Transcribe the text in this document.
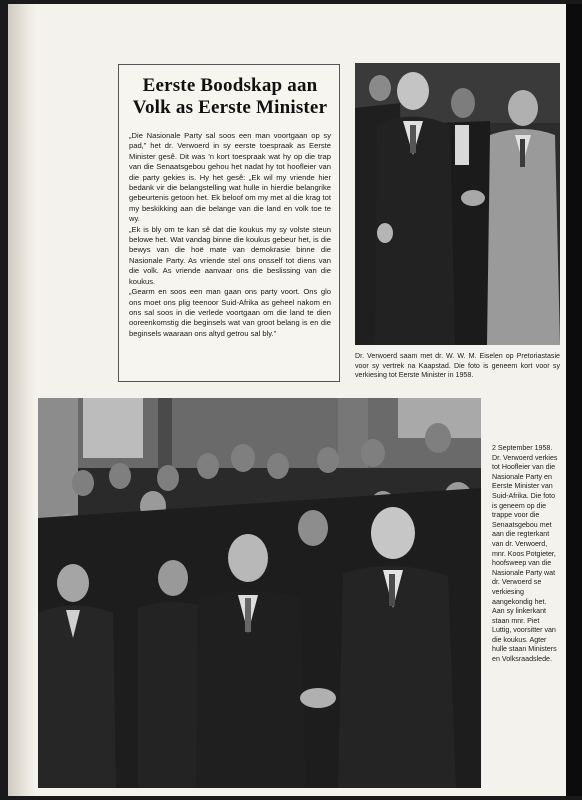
Eerste Boodskap aan
Volk as Eerste Minister

„Die Nasionale Party sal soos een man voortgaan op sy pad,” het dr. Verwoerd in sy eerste toespraak as Eerste Minister gesê. Dit was ’n kort toespraak wat hy op die trap van die Senaatsgebou gehou het nadat hy tot hoofleier van die party gekies is. Hy het gesê: „Ek wil my vriende hier bedank vir die belangstelling wat hulle in hierdie belangrike gebeurtenis getoon het. Ek beloof om my met al die krag tot my beskikking aan die belange van die land en volk toe te wy.

„Ek is bly om te kan sê dat die koukus my sy volste steun belowe het. Wat vandag binne die koukus gebeur het, is die bewys van die hoë mate van demokrasie binne die Nasionale Party. As vriende stel ons onsself tot diens van die volk. As vriende aanvaar ons die beslissing van die koukus.

„Gearm en soos een man gaan ons party voort. Ons glo ons moet ons plig teenoor Suid-Afrika as geheel nakom en ons sal soos in die verlede voortgaan om die land te dien ooreenkomstig die beginsels wat van groot belang is en die beginsels waaraan ons altyd getrou sal bly.”

Dr. Verwoerd saam met dr. W. W. M. Eiselen op Pretoriastasie voor sy vertrek na Kaapstad. Die foto is geneem kort voor sy verkiesing tot Eerste Minister in 1958.

2 September 1958. Dr. Verwoerd verkies tot Hoofleier van die Nasionale Party en Eerste Minister van Suid-Afrika. Die foto is geneem op die trappe voor die Senaatsgebou met aan die regterkant van dr. Verwoerd, mnr. Koos Potgieter, hoofsweep van die Nasionale Party wat dr. Verwoerd se verkiesing aangekondig het. Aan sy linkerkant staan mnr. Piet Luttig, voorsitter van die koukus. Agter hulle staan Ministers en Volksraadslede.
